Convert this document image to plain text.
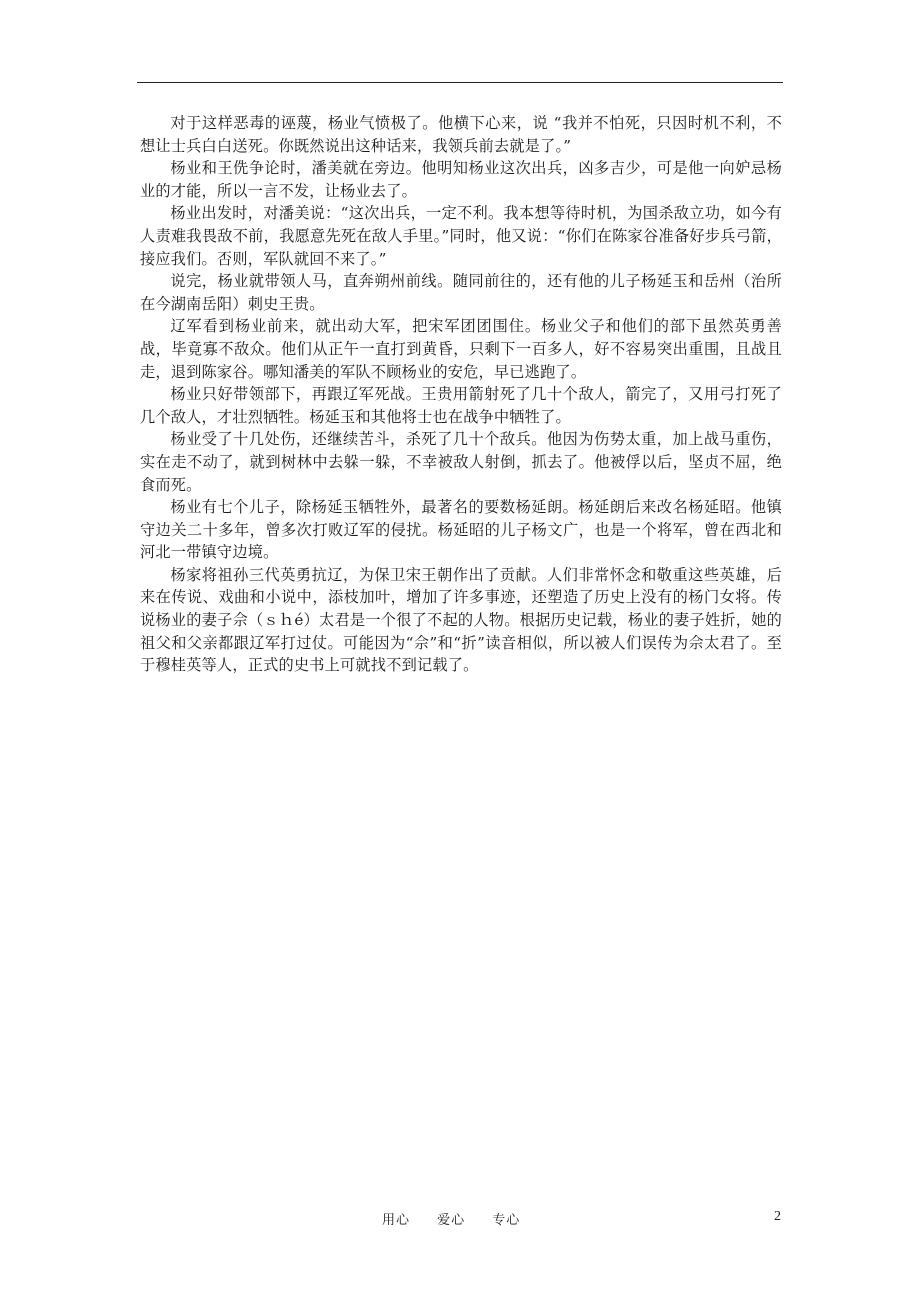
对于这样恶毒的诬蔑，杨业气愤极了。他横下心来，说 “我并不怕死，只因时机不利，不想让士兵白白送死。你既然说出这种话来，我领兵前去就是了。”

杨业和王侁争论时，潘美就在旁边。他明知杨业这次出兵，凶多吉少，可是他一向妒忌杨业的才能，所以一言不发，让杨业去了。

杨业出发时，对潘美说：“这次出兵，一定不利。我本想等待时机，为国杀敌立功，如今有人责难我畏敌不前，我愿意先死在敌人手里。”同时，他又说：“你们在陈家谷准备好步兵弓箭，接应我们。否则，军队就回不来了。”

说完，杨业就带领人马，直奔朔州前线。随同前往的，还有他的儿子杨延玉和岳州（治所在今湖南岳阳）刺史王贵。

辽军看到杨业前来，就出动大军，把宋军团团围住。杨业父子和他们的部下虽然英勇善战，毕竟寡不敌众。他们从正午一直打到黄昏，只剩下一百多人，好不容易突出重围，且战且走，退到陈家谷。哪知潘美的军队不顾杨业的安危，早已逃跑了。

杨业只好带领部下，再跟辽军死战。王贵用箭射死了几十个敌人，箭完了，又用弓打死了几个敌人，才壮烈牺牲。杨延玉和其他将士也在战争中牺牲了。

杨业受了十几处伤，还继续苦斗，杀死了几十个敌兵。他因为伤势太重，加上战马重伤，实在走不动了，就到树林中去躲一躲，不幸被敌人射倒，抓去了。他被俘以后，坚贞不屈，绝食而死。

杨业有七个儿子，除杨延玉牺牲外，最著名的要数杨延朗。杨延朗后来改名杨延昭。他镇守边关二十多年，曾多次打败辽军的侵扰。杨延昭的儿子杨文广，也是一个将军，曾在西北和河北一带镇守边境。

杨家将祖孙三代英勇抗辽，为保卫宋王朝作出了贡献。人们非常怀念和敬重这些英雄，后来在传说、戏曲和小说中，添枝加叶，增加了许多事迹，还塑造了历史上没有的杨门女将。传说杨业的妻子佘（ｓｈé）太君是一个很了不起的人物。根据历史记载，杨业的妻子姓折，她的祖父和父亲都跟辽军打过仗。可能因为“佘”和“折”读音相似，所以被人们误传为佘太君了。至于穆桂英等人，正式的史书上可就找不到记载了。

用心 爱心 专心	2
